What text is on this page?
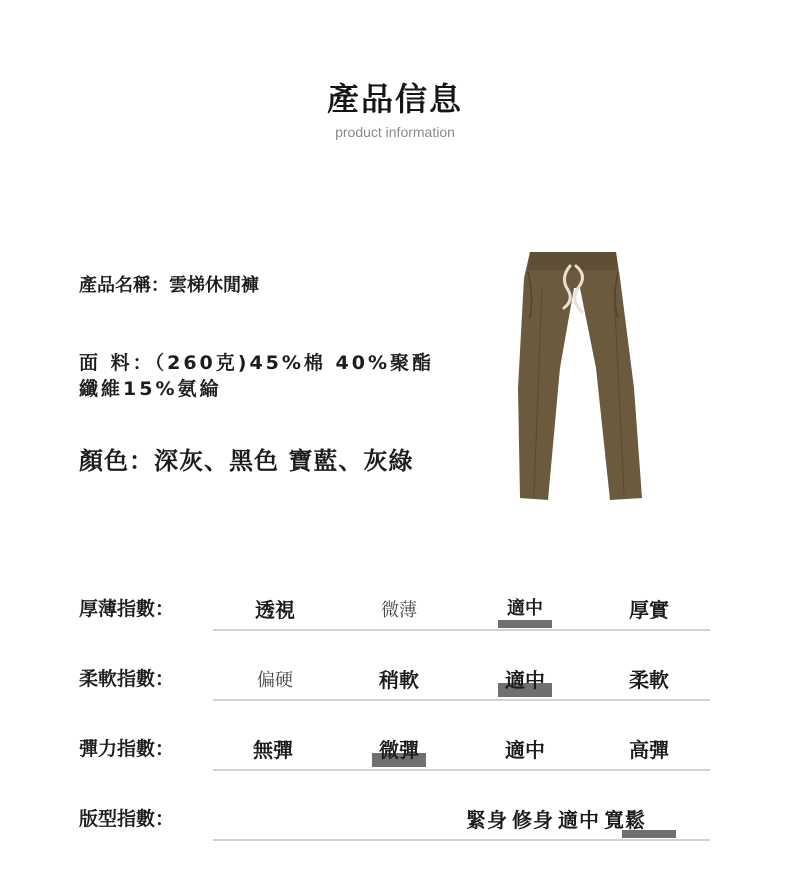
產品信息
product information
產品名稱：雲梯休閒褲
面 料：（260克)45%棉 40%聚酯
纖維15%氨綸
顏色：深灰、黑色 寶藍、灰綠
厚薄指數：	透視	微薄	適中	厚實
柔軟指數：	偏硬	稍軟	適中	柔軟
彈力指數：	無彈	微彈	適中	高彈
版型指數：	緊身 修身 適中 寬鬆
